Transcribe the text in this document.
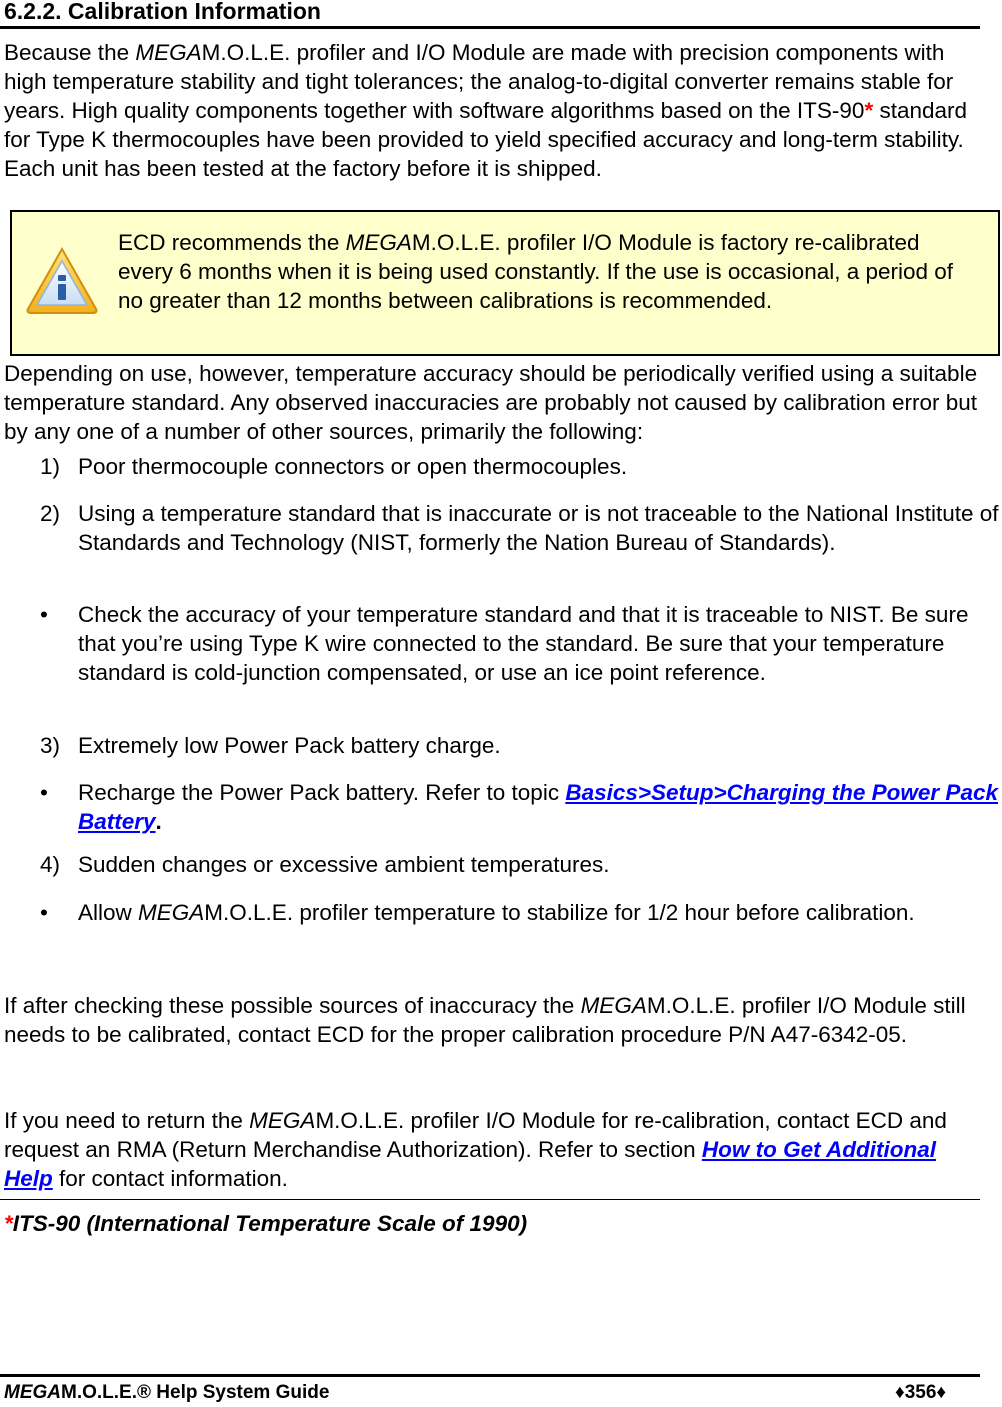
6.2.2. Calibration Information
Because the MEGAM.O.L.E. profiler and I/O Module are made with precision components with high temperature stability and tight tolerances; the analog-to-digital converter remains stable for years. High quality components together with software algorithms based on the ITS-90* standard for Type K thermocouples have been provided to yield specified accuracy and long-term stability. Each unit has been tested at the factory before it is shipped.
ECD recommends the MEGAM.O.L.E. profiler I/O Module is factory re-calibrated every 6 months when it is being used constantly. If the use is occasional, a period of no greater than 12 months between calibrations is recommended.
Depending on use, however, temperature accuracy should be periodically verified using a suitable temperature standard. Any observed inaccuracies are probably not caused by calibration error but by any one of a number of other sources, primarily the following:
1) Poor thermocouple connectors or open thermocouples.
2) Using a temperature standard that is inaccurate or is not traceable to the National Institute of Standards and Technology (NIST, formerly the Nation Bureau of Standards).
• Check the accuracy of your temperature standard and that it is traceable to NIST. Be sure that you’re using Type K wire connected to the standard. Be sure that your temperature standard is cold-junction compensated, or use an ice point reference.
3) Extremely low Power Pack battery charge.
• Recharge the Power Pack battery. Refer to topic Basics>Setup>Charging the Power Pack Battery.
4) Sudden changes or excessive ambient temperatures.
• Allow MEGAM.O.L.E. profiler temperature to stabilize for 1/2 hour before calibration.
If after checking these possible sources of inaccuracy the MEGAM.O.L.E. profiler I/O Module still needs to be calibrated, contact ECD for the proper calibration procedure P/N A47-6342-05.
If you need to return the MEGAM.O.L.E. profiler I/O Module for re-calibration, contact ECD and request an RMA (Return Merchandise Authorization). Refer to section How to Get Additional Help for contact information.
*ITS-90 (International Temperature Scale of 1990)
MEGAM.O.L.E.® Help System Guide	♦356♦
